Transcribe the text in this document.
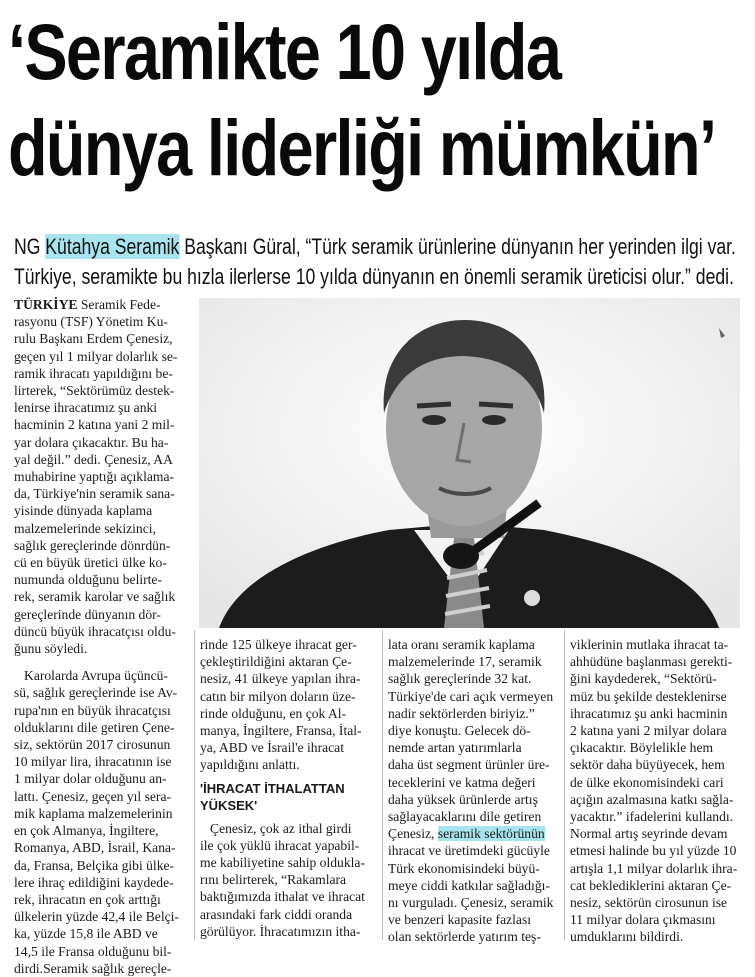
‘Seramikte 10 yılda
dünya liderliği mümkün’
NG Kütahya Seramik Başkanı Güral, “Türk seramik ürünlerine dünyanın her yerinden ilgi var.
Türkiye, seramikte bu hızla ilerlerse 10 yılda dünyanın en önemli seramik üreticisi olur.” dedi.

TÜRKİYE Seramik Fede-

rasyonu (TSF) Yönetim Ku-

rulu Başkanı Erdem Çenesiz,

geçen yıl 1 milyar dolarlık se-

ramik ihracatı yapıldığını be-

lirterek, “Sektörümüz destek-

lenirse ihracatımız şu anki

hacminin 2 katına yani 2 mil-

yar dolara çıkacaktır. Bu ha-

yal değil.” dedi. Çenesiz, AA

muhabirine yaptığı açıklama-

da, Türkiye'nin seramik sana-

yisinde dünyada kaplama

malzemelerinde sekizinci,

sağlık gereçlerinde dönrdün-

cü en büyük üretici ülke ko-

numunda olduğunu belirte-

rek, seramik karolar ve sağlık

gereçlerinde dünyanın dör-

düncü büyük ihracatçısı oldu-

ğunu söyledi.

Karolarda Avrupa üçüncü-

sü, sağlık gereçlerinde ise Av-

rupa'nın en büyük ihracatçısı

olduklarını dile getiren Çene-

siz, sektörün 2017 cirosunun

10 milyar lira, ihracatının ise

1 milyar dolar olduğunu an-

lattı. Çenesiz, geçen yıl sera-

mik kaplama malzemelerinin

en çok Almanya, İngiltere,

Romanya, ABD, İsrail, Kana-

da, Fransa, Belçika gibi ülke-

lere ihraç edildiğini kaydede-

rek, ihracatın en çok arttığı

ülkelerin yüzde 42,4 ile Belçi-

ka, yüzde 15,8 ile ABD ve

14,5 ile Fransa olduğunu bil-

dirdi.Seramik sağlık gereçle-

rinde 125 ülkeye ihracat ger-

çekleştirildiğini aktaran Çe-

nesiz, 41 ülkeye yapılan ihra-

catın bir milyon doların üze-

rinde olduğunu, en çok Al-

manya, İngiltere, Fransa, İtal-

ya, ABD ve İsrail'e ihracat

yapıldığını anlattı.

'İHRACAT İTHALATTAN
YÜKSEK'

Çenesiz, çok az ithal girdi

ile çok yüklü ihracat yapabil-

me kabiliyetine sahip oldukla-

rını belirterek, “Rakamlara

baktığımızda ithalat ve ihracat

arasındaki fark ciddi oranda

görülüyor. İhracatımızın itha-

lata oranı seramik kaplama

malzemelerinde 17, seramik

sağlık gereçlerinde 32 kat.

Türkiye'de cari açık vermeyen

nadir sektörlerden biriyiz.”

diye konuştu. Gelecek dö-

nemde artan yatırımlarla

daha üst segment ürünler üre-

teceklerini ve katma değeri

daha yüksek ürünlerde artış

sağlayacaklarını dile getiren

Çenesiz, seramik sektörünün

ihracat ve üretimdeki gücüyle

Türk ekonomisindeki büyü-

meye ciddi katkılar sağladığı-

nı vurguladı. Çenesiz, seramik

ve benzeri kapasite fazlası

olan sektörlerde yatırım teş-

viklerinin mutlaka ihracat ta-

ahhüdüne başlanması gerekti-

ğini kaydederek, “Sektörü-

müz bu şekilde desteklenirse

ihracatımız şu anki hacminin

2 katına yani 2 milyar dolara

çıkacaktır. Böylelikle hem

sektör daha büyüyecek, hem

de ülke ekonomisindeki cari

açığın azalmasına katkı sağla-

yacaktır.” ifadelerini kullandı.

Normal artış seyrinde devam

etmesi halinde bu yıl yüzde 10

artışla 1,1 milyar dolarlık ihra-

cat beklediklerini aktaran Çe-

nesiz, sektörün cirosunun ise

11 milyar dolara çıkmasını

umduklarını bildirdi.
